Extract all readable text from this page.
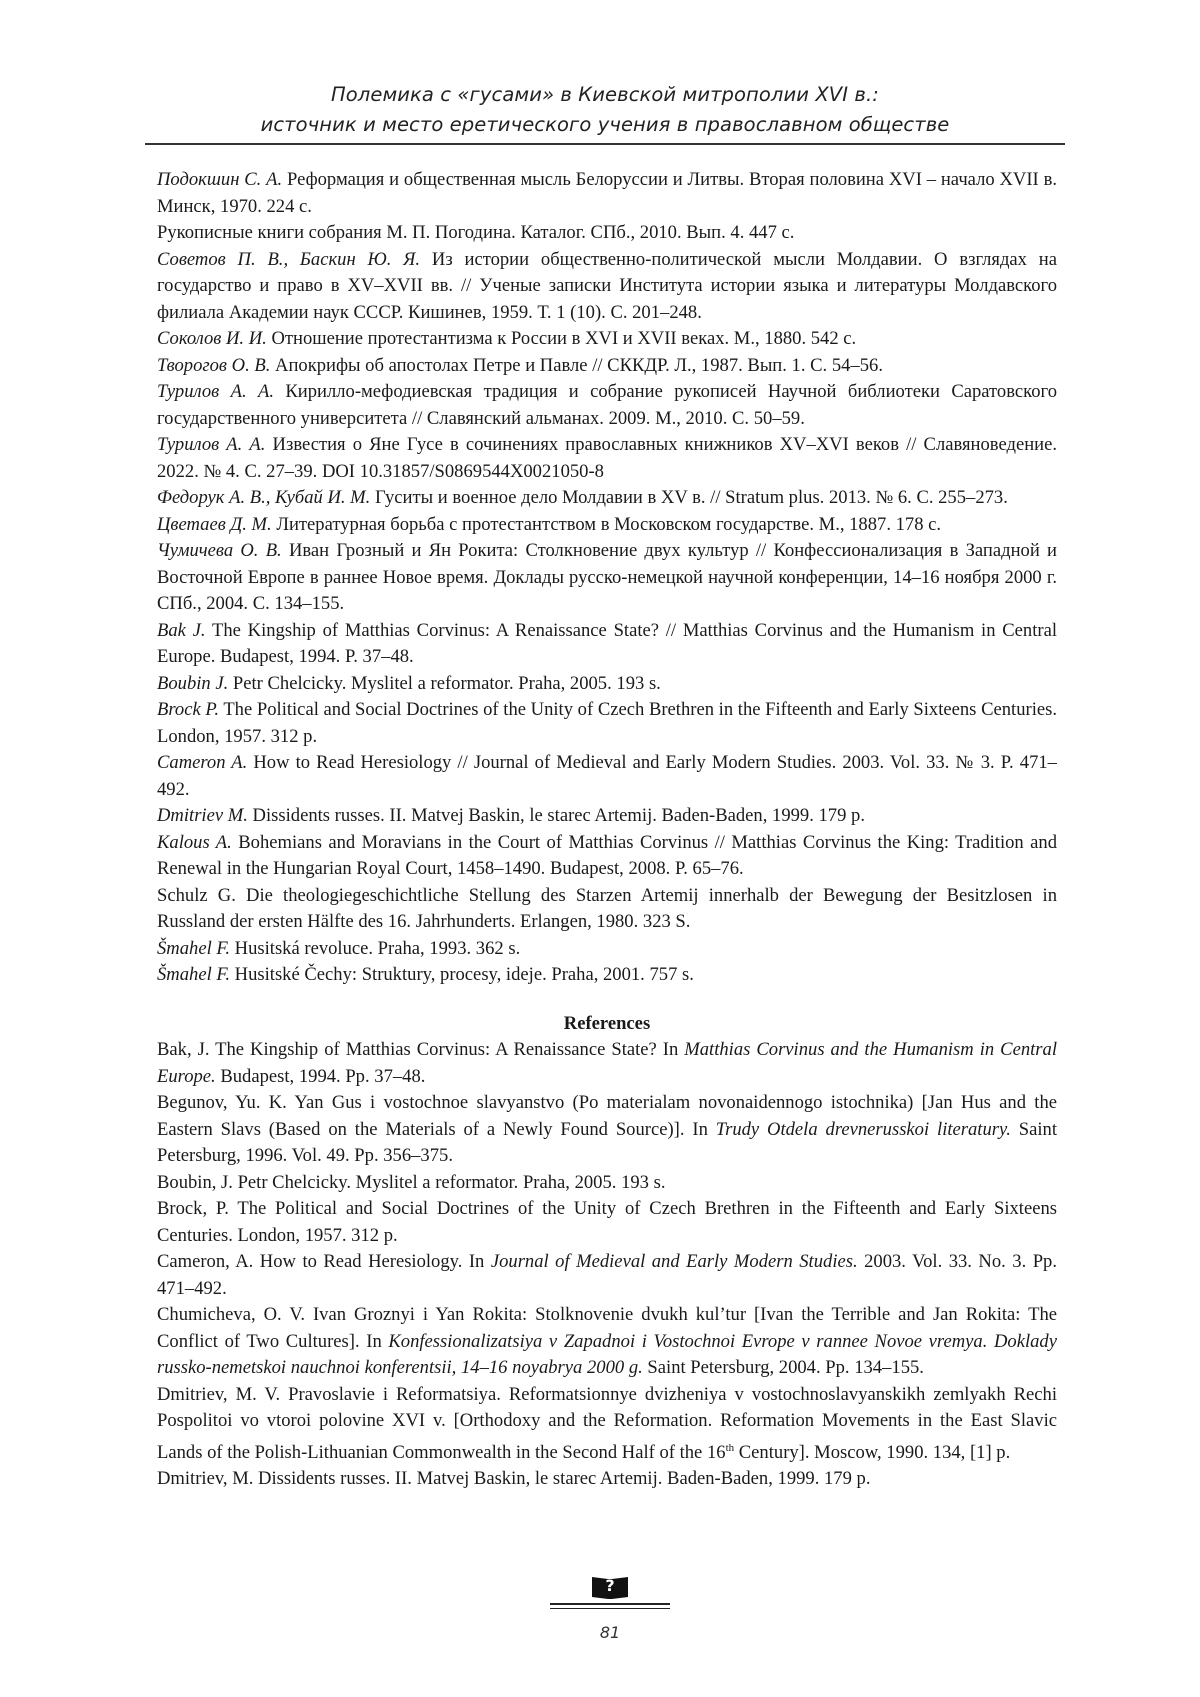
Полемика с «гусами» в Киевской митрополии XVI в.:
источник и место еретического учения в православном обществе

Подокшин С. А. Реформация и общественная мысль Белоруссии и Литвы. Вторая половина XVI – начало XVII в. Минск, 1970. 224 с.

Рукописные книги собрания М. П. Погодина. Каталог. СПб., 2010. Вып. 4. 447 с.

Советов П. В., Баскин Ю. Я. Из истории общественно-политической мысли Молдавии. О взглядах на государство и право в XV–XVII вв. // Ученые записки Института истории языка и литературы Молдавского филиала Академии наук СССР. Кишинев, 1959. Т. 1 (10). С. 201–248.

Соколов И. И. Отношение протестантизма к России в XVI и XVII веках. М., 1880. 542 с.

Творогов О. В. Апокрифы об апостолах Петре и Павле // СККДР. Л., 1987. Вып. 1. С. 54–56.

Турилов А. А. Кирилло-мефодиевская традиция и собрание рукописей Научной библиотеки Саратовского государственного университета // Славянский альманах. 2009. М., 2010. С. 50–59.

Турилов А. А. Известия о Яне Гусе в сочинениях православных книжников XV–XVI веков // Славяноведение. 2022. № 4. С. 27–39. DOI 10.31857/S0869544X0021050-8

Федорук А. В., Кубай И. М. Гуситы и военное дело Молдавии в XV в. // Stratum plus. 2013. № 6. С. 255–273.

Цветаев Д. М. Литературная борьба с протестантством в Московском государстве. М., 1887. 178 с.

Чумичева О. В. Иван Грозный и Ян Рокита: Столкновение двух культур // Конфессионализация в Западной и Восточной Европе в раннее Новое время. Доклады русско-немецкой научной конференции, 14–16 ноября 2000 г. СПб., 2004. С. 134–155.

Bak J. The Kingship of Matthias Corvinus: A Renaissance State? // Matthias Corvinus and the Humanism in Central Europe. Budapest, 1994. P. 37–48.

Boubin J. Petr Chelcicky. Myslitel a reformator. Praha, 2005. 193 s.

Brock P. The Political and Social Doctrines of the Unity of Czech Brethren in the Fifteenth and Early Sixteens Centuries. London, 1957. 312 p.

Cameron A. How to Read Heresiology // Journal of Medieval and Early Modern Studies. 2003. Vol. 33. № 3. P. 471–492.

Dmitriev M. Dissidents russes. II. Matvej Baskin, le starec Artemij. Baden-Baden, 1999. 179 p.

Kalous A. Bohemians and Moravians in the Court of Matthias Corvinus // Matthias Corvinus the King: Tradition and Renewal in the Hungarian Royal Court, 1458–1490. Budapest, 2008. P. 65–76.

Schulz G. Die theologiegeschichtliche Stellung des Starzen Artemij innerhalb der Bewegung der Besitzlosen in Russland der ersten Hälfte des 16. Jahrhunderts. Erlangen, 1980. 323 S.

Šmahel F. Husitská revoluce. Praha, 1993. 362 s.

Šmahel F. Husitské Čechy: Struktury, procesy, ideje. Praha, 2001. 757 s.

References

Bak, J. The Kingship of Matthias Corvinus: A Renaissance State? In Matthias Corvinus and the Humanism in Central Europe. Budapest, 1994. Pp. 37–48.

Begunov, Yu. K. Yan Gus i vostochnoe slavyanstvo (Po materialam novonaidennogo istochnika) [Jan Hus and the Eastern Slavs (Based on the Materials of a Newly Found Source)]. In Trudy Otdela drevnerusskoi literatury. Saint Petersburg, 1996. Vol. 49. Pp. 356–375.

Boubin, J. Petr Chelcicky. Myslitel a reformator. Praha, 2005. 193 s.

Brock, P. The Political and Social Doctrines of the Unity of Czech Brethren in the Fifteenth and Early Sixteens Centuries. London, 1957. 312 p.

Cameron, A. How to Read Heresiology. In Journal of Medieval and Early Modern Studies. 2003. Vol. 33. No. 3. Pp. 471–492.

Chumicheva, O. V. Ivan Groznyi i Yan Rokita: Stolknovenie dvukh kul’tur [Ivan the Terrible and Jan Rokita: The Conflict of Two Cultures]. In Konfessionalizatsiya v Zapadnoi i Vostochnoi Evrope v rannee Novoe vremya. Doklady russko-nemetskoi nauchnoi konferentsii, 14–16 noyabrya 2000 g. Saint Petersburg, 2004. Pp. 134–155.

Dmitriev, M. V. Pravoslavie i Reformatsiya. Reformatsionnye dvizheniya v vostochnoslavyanskikh zemlyakh Rechi Pospolitoi vo vtoroi polovine XVI v. [Orthodoxy and the Reformation. Reformation Movements in the East Slavic Lands of the Polish-Lithuanian Commonwealth in the Second Half of the 16th Century]. Moscow, 1990. 134, [1] p.

Dmitriev, M. Dissidents russes. II. Matvej Baskin, le starec Artemij. Baden-Baden, 1999. 179 p.

?
81
